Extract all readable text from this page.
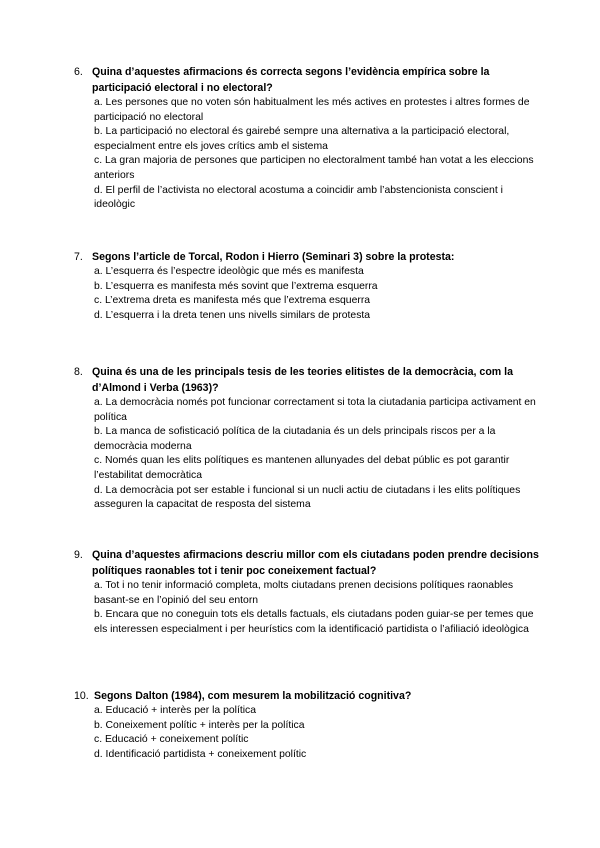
6. Quina d’aquestes afirmacions és correcta segons l’evidència empírica sobre la participació electoral i no electoral?

a. Les persones que no voten són habitualment les més actives en protestes i altres formes de participació no electoral

b. La participació no electoral és gairebé sempre una alternativa a la participació electoral, especialment entre els joves crítics amb el sistema

c. La gran majoria de persones que participen no electoralment també han votat a les eleccions anteriors

d. El perfil de l’activista no electoral acostuma a coincidir amb l’abstencionista conscient i ideològic

7. Segons l’article de Torcal, Rodon i Hierro (Seminari 3) sobre la protesta:

a. L’esquerra és l’espectre ideològic que més es manifesta

b. L’esquerra es manifesta més sovint que l’extrema esquerra

c. L’extrema dreta es manifesta més que l’extrema esquerra

d. L’esquerra i la dreta tenen uns nivells similars de protesta

8. Quina és una de les principals tesis de les teories elitistes de la democràcia, com la d’Almond i Verba (1963)?

a. La democràcia només pot funcionar correctament si tota la ciutadania participa activament en política

b. La manca de sofisticació política de la ciutadania és un dels principals riscos per a la democràcia moderna

c. Només quan les elits polítiques es mantenen allunyades del debat públic es pot garantir l’estabilitat democràtica

d. La democràcia pot ser estable i funcional si un nucli actiu de ciutadans i les elits polítiques asseguren la capacitat de resposta del sistema

9. Quina d’aquestes afirmacions descriu millor com els ciutadans poden prendre decisions polítiques raonables tot i tenir poc coneixement factual?

a. Tot i no tenir informació completa, molts ciutadans prenen decisions polítiques raonables basant-se en l’opinió del seu entorn

b. Encara que no coneguin tots els detalls factuals, els ciutadans poden guiar-se per temes que els interessen especialment i per heurístics com la identificació partidista o l’afiliació ideològica

10. Segons Dalton (1984), com mesurem la mobilització cognitiva?

a. Educació + interès per la política

b. Coneixement polític + interès per la política

c. Educació + coneixement polític

d. Identificació partidista + coneixement polític
